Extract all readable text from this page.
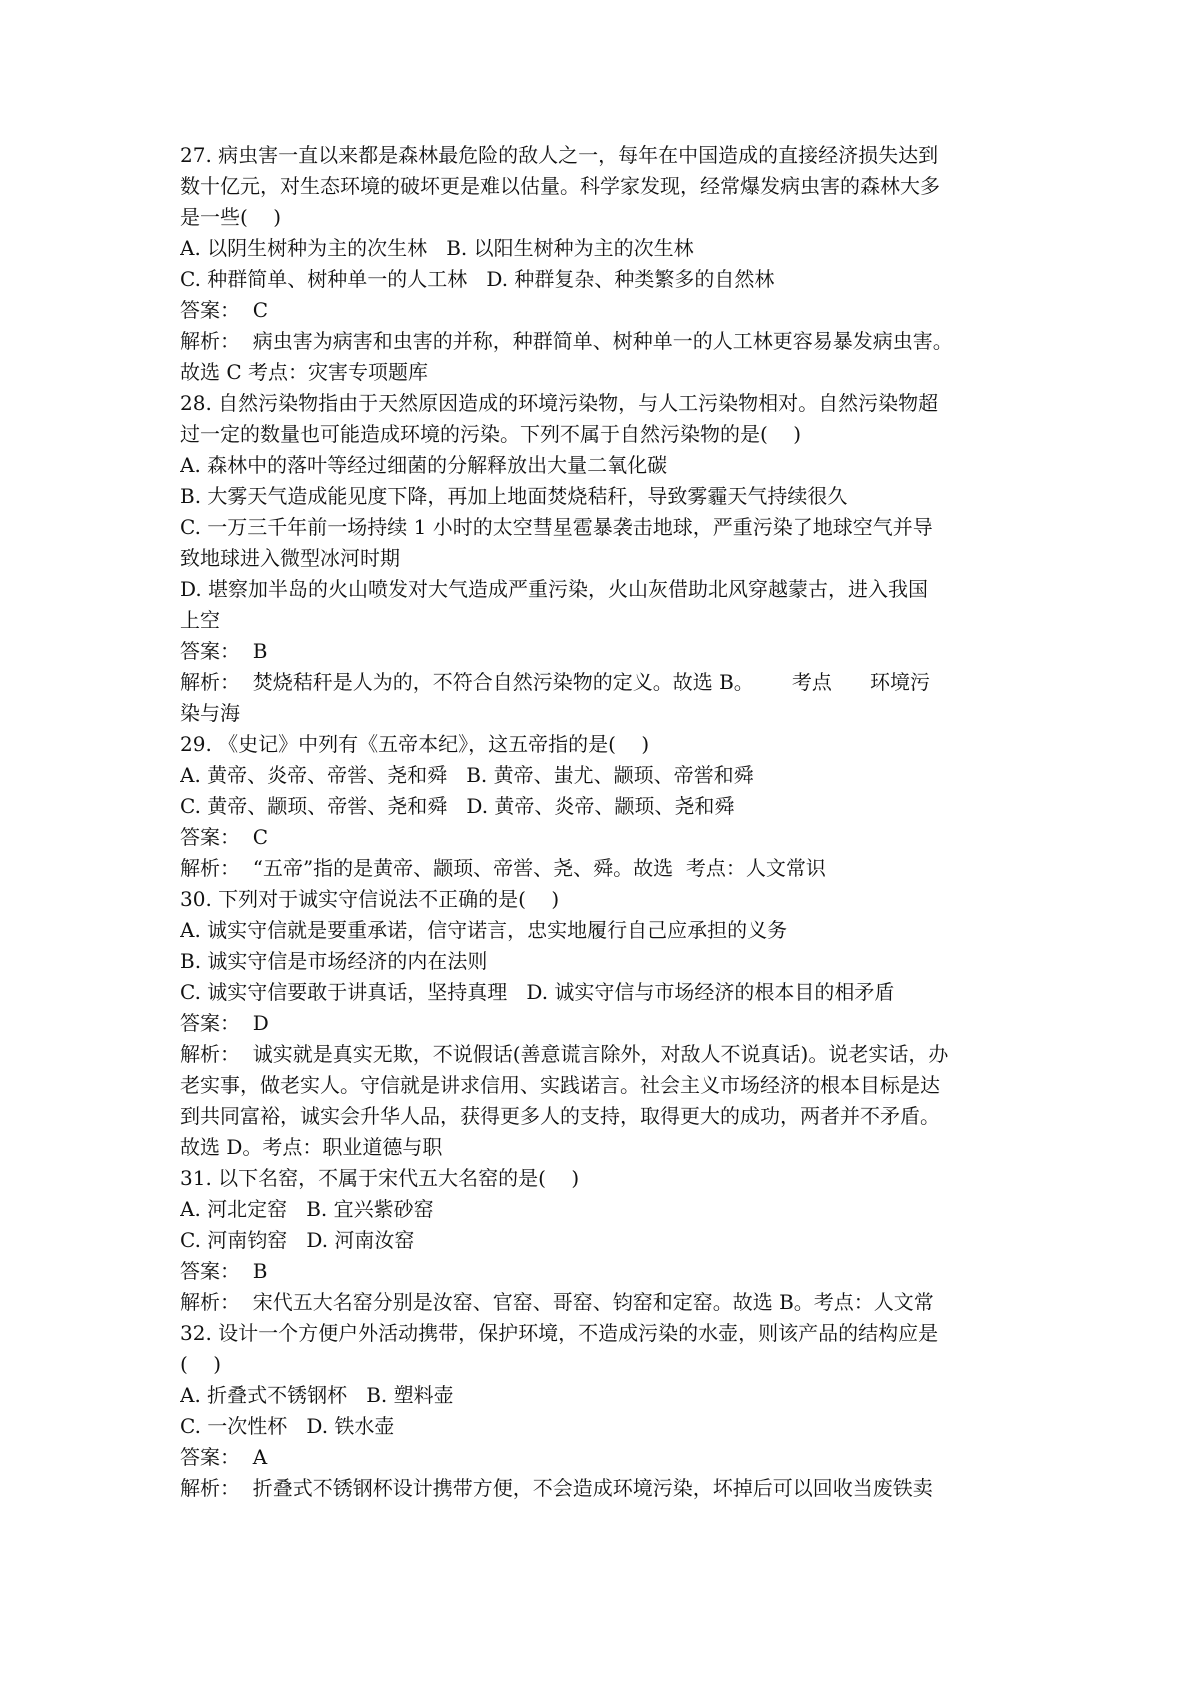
27. 病虫害一直以来都是森林最危险的敌人之一，每年在中国造成的直接经济损失达到
数十亿元，对生态环境的破坏更是难以估量。科学家发现，经常爆发病虫害的森林大多
是一些(    )
A. 以阴生树种为主的次生林   B. 以阳生树种为主的次生林
C. 种群简单、树种单一的人工林   D. 种群复杂、种类繁多的自然林
答案：  C
解析：  病虫害为病害和虫害的并称，种群简单、树种单一的人工林更容易暴发病虫害。
故选 C 考点：灾害专项题库
28. 自然污染物指由于天然原因造成的环境污染物，与人工污染物相对。自然污染物超
过一定的数量也可能造成环境的污染。下列不属于自然污染物的是(    )
A. 森林中的落叶等经过细菌的分解释放出大量二氧化碳
B. 大雾天气造成能见度下降，再加上地面焚烧秸秆，导致雾霾天气持续很久
C. 一万三千年前一场持续 1 小时的太空彗星雹暴袭击地球，严重污染了地球空气并导
致地球进入微型冰河时期
D. 堪察加半岛的火山喷发对大气造成严重污染，火山灰借助北风穿越蒙古，进入我国
上空
答案：  B
解析：  焚烧秸秆是人为的，不符合自然污染物的定义。故选 B。      考点      环境污
染与海
29. 《史记》中列有《五帝本纪》，这五帝指的是(    )
A. 黄帝、炎帝、帝喾、尧和舜   B. 黄帝、蚩尤、颛顼、帝喾和舜
C. 黄帝、颛顼、帝喾、尧和舜   D. 黄帝、炎帝、颛顼、尧和舜
答案：  C
解析：  “五帝”指的是黄帝、颛顼、帝喾、尧、舜。故选  考点：人文常识
30. 下列对于诚实守信说法不正确的是(    )
A. 诚实守信就是要重承诺，信守诺言，忠实地履行自己应承担的义务
B. 诚实守信是市场经济的内在法则
C. 诚实守信要敢于讲真话，坚持真理   D. 诚实守信与市场经济的根本目的相矛盾
答案：  D
解析：  诚实就是真实无欺，不说假话(善意谎言除外，对敌人不说真话)。说老实话，办
老实事，做老实人。守信就是讲求信用、实践诺言。社会主义市场经济的根本目标是达
到共同富裕，诚实会升华人品，获得更多人的支持，取得更大的成功，两者并不矛盾。
故选 D。考点：职业道德与职
31. 以下名窑，不属于宋代五大名窑的是(    )
A. 河北定窑   B. 宜兴紫砂窑
C. 河南钧窑   D. 河南汝窑
答案：  B
解析：  宋代五大名窑分别是汝窑、官窑、哥窑、钧窑和定窑。故选 B。考点：人文常
32. 设计一个方便户外活动携带，保护环境，不造成污染的水壶，则该产品的结构应是
(    )
A. 折叠式不锈钢杯   B. 塑料壶
C. 一次性杯   D. 铁水壶
答案：  A
解析：  折叠式不锈钢杯设计携带方便，不会造成环境污染，坏掉后可以回收当废铁卖
